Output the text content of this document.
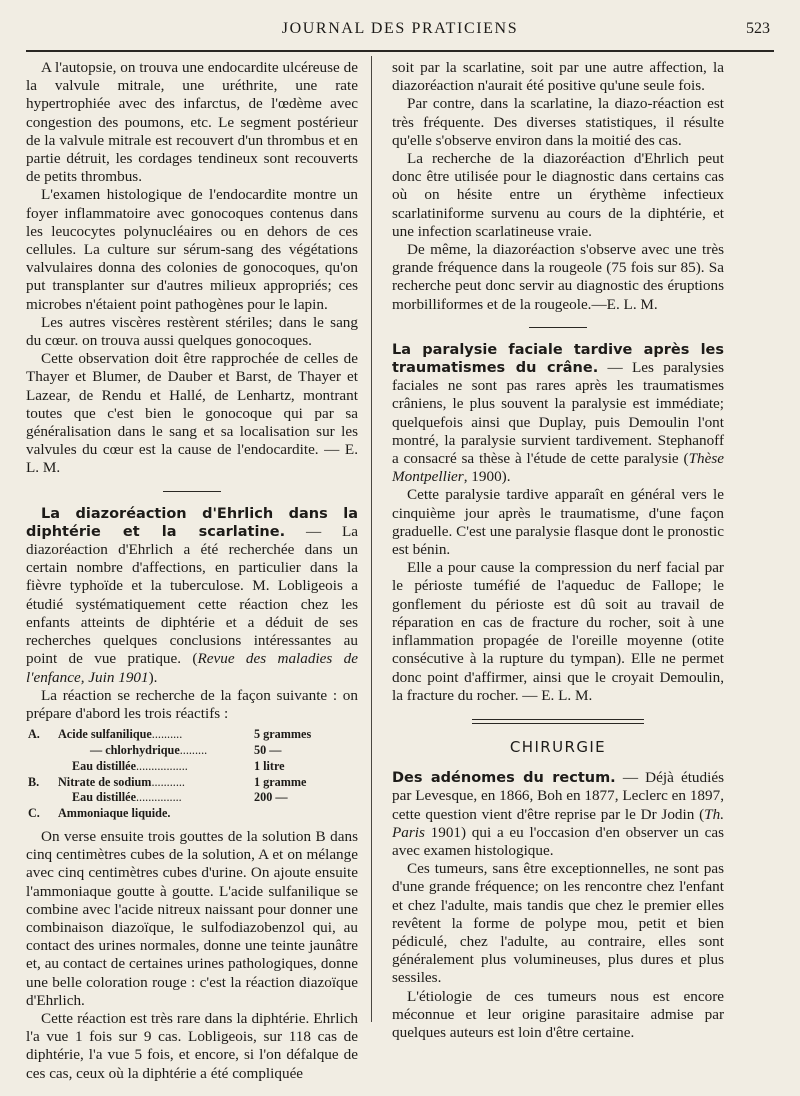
JOURNAL DES PRATICIENS	523

A l'autopsie, on trouva une endocardite ulcéreuse de la valvule mitrale, une uréthrite, une rate hypertrophiée avec des infarctus, de l'œdème avec congestion des poumons, etc. Le segment postérieur de la valvule mitrale est recouvert d'un thrombus et en partie détruit, les cordages tendineux sont recouverts de petits thrombus.

L'examen histologique de l'endocardite montre un foyer inflammatoire avec gonocoques contenus dans les leucocytes polynucléaires ou en dehors de ces cellules. La culture sur sérum-sang des végétations valvulaires donna des colonies de gonocoques, qu'on put transplanter sur d'autres milieux appropriés; ces microbes n'étaient point pathogènes pour le lapin.

Les autres viscères restèrent stériles; dans le sang du cœur. on trouva aussi quelques gonocoques.

Cette observation doit être rapprochée de celles de Thayer et Blumer, de Dauber et Barst, de Thayer et Lazear, de Rendu et Hallé, de Lenhartz, montrant toutes que c'est bien le gonocoque qui par sa généralisation dans le sang et sa localisation sur les valvules du cœur est la cause de l'endocardite. — E. L. M.

La diazoréaction d'Ehrlich dans la diphtérie et la scarlatine. — La diazoréaction d'Ehrlich a été recherchée dans un certain nombre d'affections, en particulier dans la fièvre typhoïde et la tuberculose. M. Lobligeois a étudié systématiquement cette réaction chez les enfants atteints de diphtérie et a déduit de ses recherches quelques conclusions intéressantes au point de vue pratique. (Revue des maladies de l'enfance, Juin 1901).

La réaction se recherche de la façon suivante : on prépare d'abord les trois réactifs :

A.	Acide sulfanilique..........	5 grammes
— chlorhydrique.........	50 —
Eau distillée.................	1 litre
B.	Nitrate de sodium...........	1 gramme
Eau distillée...............	200 —
C.	Ammoniaque liquide.

On verse ensuite trois gouttes de la solution B dans cinq centimètres cubes de la solution, A et on mélange avec cinq centimètres cubes d'urine. On ajoute ensuite l'ammoniaque goutte à goutte. L'acide sulfanilique se combine avec l'acide nitreux naissant pour donner une combinaison diazoïque, le sulfodiazobenzol qui, au contact des urines normales, donne une teinte jaunâtre et, au contact de certaines urines pathologiques, donne une belle coloration rouge : c'est la réaction diazoïque d'Ehrlich.

Cette réaction est très rare dans la diphtérie. Ehrlich l'a vue 1 fois sur 9 cas. Lobligeois, sur 118 cas de diphtérie, l'a vue 5 fois, et encore, si l'on défalque de ces cas, ceux où la diphtérie a été compliquée

soit par la scarlatine, soit par une autre affection, la diazoréaction n'aurait été positive qu'une seule fois.

Par contre, dans la scarlatine, la diazo-réaction est très fréquente. Des diverses statistiques, il résulte qu'elle s'observe environ dans la moitié des cas.

La recherche de la diazoréaction d'Ehrlich peut donc être utilisée pour le diagnostic dans certains cas où on hésite entre un érythème infectieux scarlatiniforme survenu au cours de la diphtérie, et une infection scarlatineuse vraie.

De même, la diazoréaction s'observe avec une très grande fréquence dans la rougeole (75 fois sur 85). Sa recherche peut donc servir au diagnostic des éruptions morbilliformes et de la rougeole.—E. L. M.

La paralysie faciale tardive après les traumatismes du crâne. — Les paralysies faciales ne sont pas rares après les traumatismes crâniens, le plus souvent la paralysie est immédiate; quelquefois ainsi que Duplay, puis Demoulin l'ont montré, la paralysie survient tardivement. Stephanoff a consacré sa thèse à l'étude de cette paralysie (Thèse Montpellier, 1900).

Cette paralysie tardive apparaît en général vers le cinquième jour après le traumatisme, d'une façon graduelle. C'est une paralysie flasque dont le pronostic est bénin.

Elle a pour cause la compression du nerf facial par le périoste tuméfié de l'aqueduc de Fallope; le gonflement du périoste est dû soit au travail de réparation en cas de fracture du rocher, soit à une inflammation propagée de l'oreille moyenne (otite consécutive à la rupture du tympan). Elle ne permet donc point d'affirmer, ainsi que le croyait Demoulin, la fracture du rocher. — E. L. M.

CHIRURGIE

Des adénomes du rectum. — Déjà étudiés par Levesque, en 1866, Boh en 1877, Leclerc en 1897, cette question vient d'être reprise par le Dr Jodin (Th. Paris 1901) qui a eu l'occasion d'en observer un cas avec examen histologique.

Ces tumeurs, sans être exceptionnelles, ne sont pas d'une grande fréquence; on les rencontre chez l'enfant et chez l'adulte, mais tandis que chez le premier elles revêtent la forme de polype mou, petit et bien pédiculé, chez l'adulte, au contraire, elles sont généralement plus volumineuses, plus dures et plus sessiles.

L'étiologie de ces tumeurs nous est encore méconnue et leur origine parasitaire admise par quelques auteurs est loin d'être certaine.
